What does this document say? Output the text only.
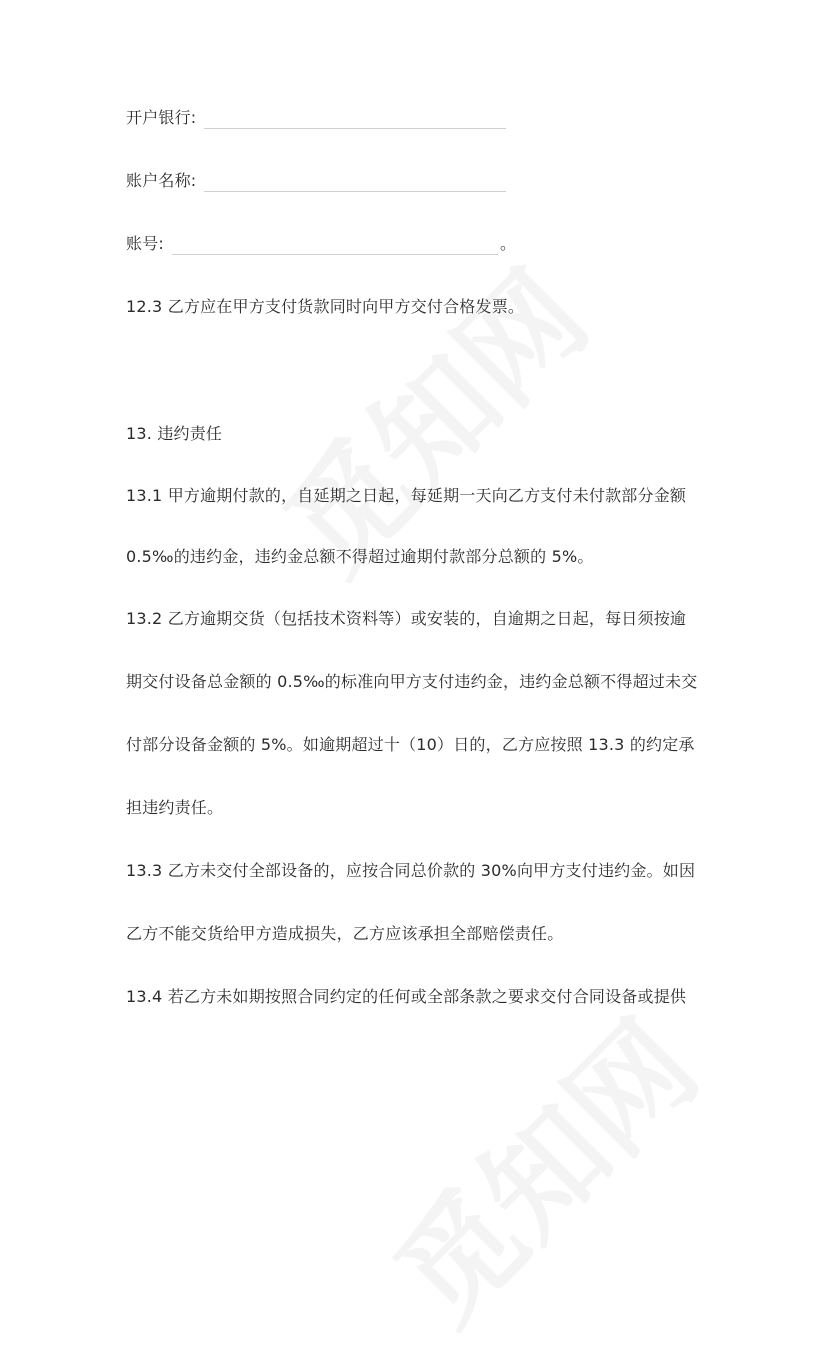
开户银行:
账户名称:
账号:	。
12.3 乙方应在甲方支付货款同时向甲方交付合格发票。
13. 违约责任
13.1 甲方逾期付款的，自延期之日起，每延期一天向乙方支付未付款部分金额
0.5‰的违约金，违约金总额不得超过逾期付款部分总额的 5%。
13.2 乙方逾期交货（包括技术资料等）或安装的，自逾期之日起，每日须按逾
期交付设备总金额的 0.5‰的标准向甲方支付违约金，违约金总额不得超过未交
付部分设备金额的 5%。如逾期超过十（10）日的，乙方应按照 13.3 的约定承
担违约责任。
13.3 乙方未交付全部设备的，应按合同总价款的 30%向甲方支付违约金。如因
乙方不能交货给甲方造成损失，乙方应该承担全部赔偿责任。
13.4 若乙方未如期按照合同约定的任何或全部条款之要求交付合同设备或提供
